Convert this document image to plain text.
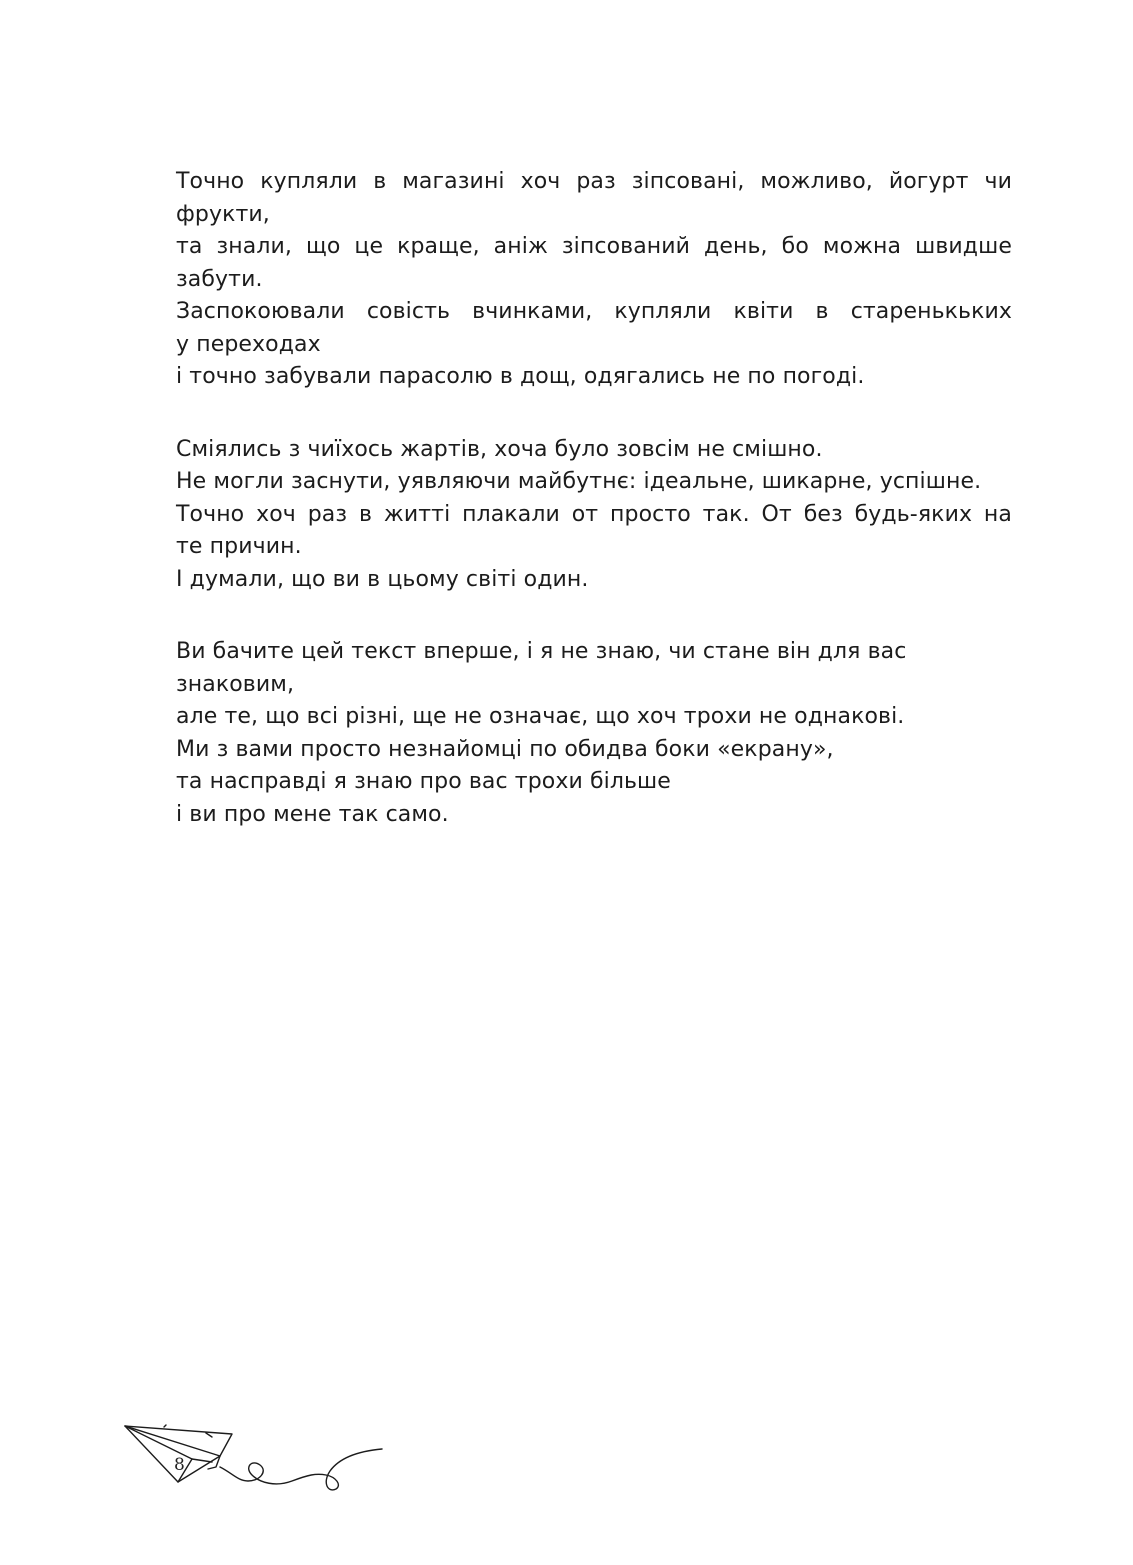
Точно купляли в магазині хоч раз зіпсовані, можливо, йогурт чи
фрукти,
та знали, що це краще, аніж зіпсований день, бо можна швидше
забути.
Заспокоювали совість вчинками, купляли квіти в старенькьких
у переходах
і точно забували парасолю в дощ, одягались не по погоді.
Сміялись з чиїхось жартів, хоча було зовсім не смішно.
Не могли заснути, уявляючи майбутнє: ідеальне, шикарне, успішне.
Точно хоч раз в житті плакали от просто так. От без будь-яких на
те причин.
І думали, що ви в цьому світі один.
Ви бачите цей текст вперше, і я не знаю, чи стане він для вас
знаковим,
але те, що всі різні, ще не означає, що хоч трохи не однакові.
Ми з вами просто незнайомці по обидва боки «екрану»,
та насправді я знаю про вас трохи більше
і ви про мене так само.
8
